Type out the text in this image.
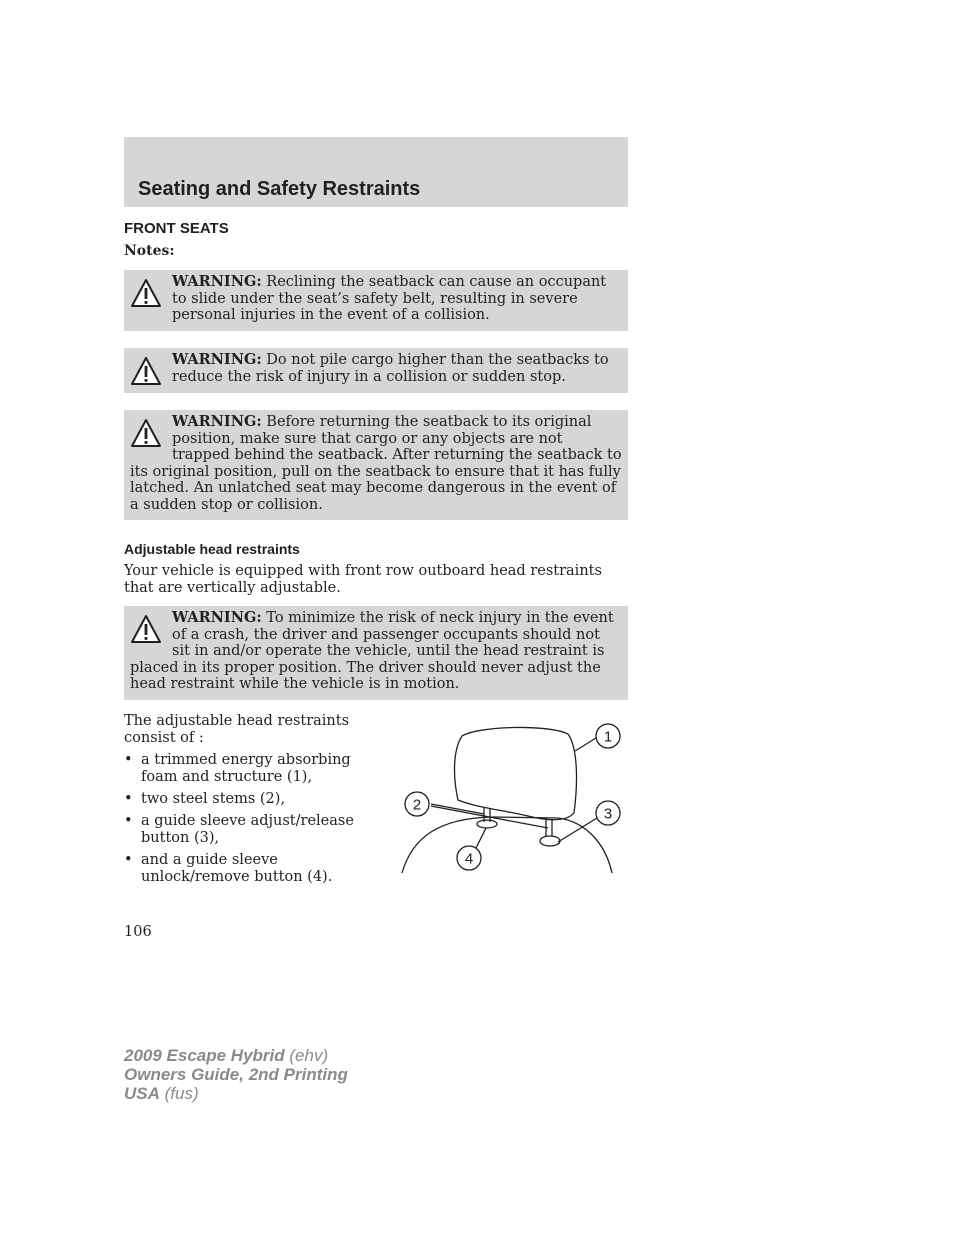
Seating and Safety Restraints
FRONT SEATS
Notes:
WARNING: Reclining the seatback can cause an occupant to slide under the seat’s safety belt, resulting in severe personal injuries in the event of a collision.
WARNING: Do not pile cargo higher than the seatbacks to reduce the risk of injury in a collision or sudden stop.
WARNING: Before returning the seatback to its original position, make sure that cargo or any objects are not trapped behind the seatback. After returning the seatback to its original position, pull on the seatback to ensure that it has fully latched. An unlatched seat may become dangerous in the event of a sudden stop or collision.
Adjustable head restraints
Your vehicle is equipped with front row outboard head restraints that are vertically adjustable.
WARNING: To minimize the risk of neck injury in the event of a crash, the driver and passenger occupants should not sit in and/or operate the vehicle, until the head restraint is placed in its proper position. The driver should never adjust the head restraint while the vehicle is in motion.
The adjustable head restraints consist of :
• a trimmed energy absorbing foam and structure (1),
• two steel stems (2),
• a guide sleeve adjust/release button (3),
• and a guide sleeve unlock/remove button (4).
1
2
3
4
106
2009 Escape Hybrid (ehv)
Owners Guide, 2nd Printing
USA (fus)
